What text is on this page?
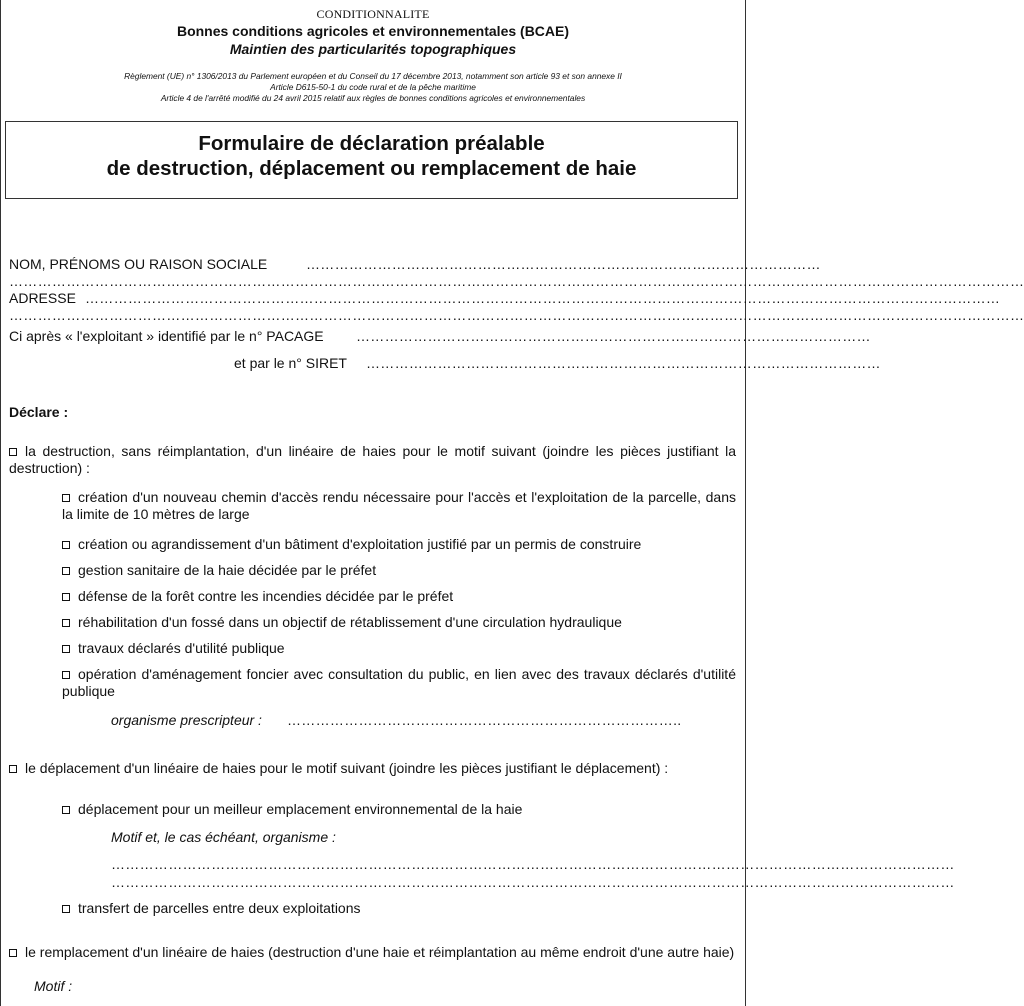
CONDITIONNALITE
Bonnes conditions agricoles et environnementales (BCAE)
Maintien des particularités topographiques
Règlement (UE) n° 1306/2013 du Parlement européen et du Conseil du 17 décembre 2013, notamment son article 93 et son annexe II
Article D615-50-1 du code rural et de la pêche maritime
Article 4 de l'arrêté modifié du 24 avril 2015 relatif aux règles de bonnes conditions agricoles et environnementales
Formulaire de déclaration préalable
de destruction, déplacement ou remplacement de haie
NOM, PRÉNOMS OU RAISON SOCIALE	………………………………………………………………………………………………
……………………………………………………………………………………………………………………………………………………………………………………………
ADRESSE …………………………………………………………………………………………………………………………………………………………………………
……………………………………………………………………………………………………………………………………………………………………………………………
Ci après « l'exploitant » identifié par le n° PACAGE ………………………………………………………………………………………………
et par le n° SIRET ………………………………………………………………………………………………
Déclare :
la destruction, sans réimplantation, d'un linéaire de haies pour le motif suivant (joindre les pièces justifiant la destruction) :
création d'un nouveau chemin d'accès rendu nécessaire pour l'accès et l'exploitation de la parcelle, dans la limite de 10 mètres de large
création ou agrandissement d'un bâtiment d'exploitation justifié par un permis de construire
gestion sanitaire de la haie décidée par le préfet
défense de la forêt contre les incendies décidée par le préfet
réhabilitation d'un fossé dans un objectif de rétablissement d'une circulation hydraulique
travaux déclarés d'utilité publique
opération d'aménagement foncier avec consultation du public, en lien avec des travaux déclarés d'utilité publique
organisme prescripteur : ………………………………………………………………………..
le déplacement d'un linéaire de haies pour le motif suivant (joindre les pièces justifiant le déplacement) :
déplacement pour un meilleur emplacement environnemental de la haie
Motif et, le cas échéant, organisme :
……………………………………………………………………………………………………………………………………………………………
……………………………………………………………………………………………………………………………………………………………
transfert de parcelles entre deux exploitations
le remplacement d'un linéaire de haies (destruction d'une haie et réimplantation au même endroit d'une autre haie)
Motif :
